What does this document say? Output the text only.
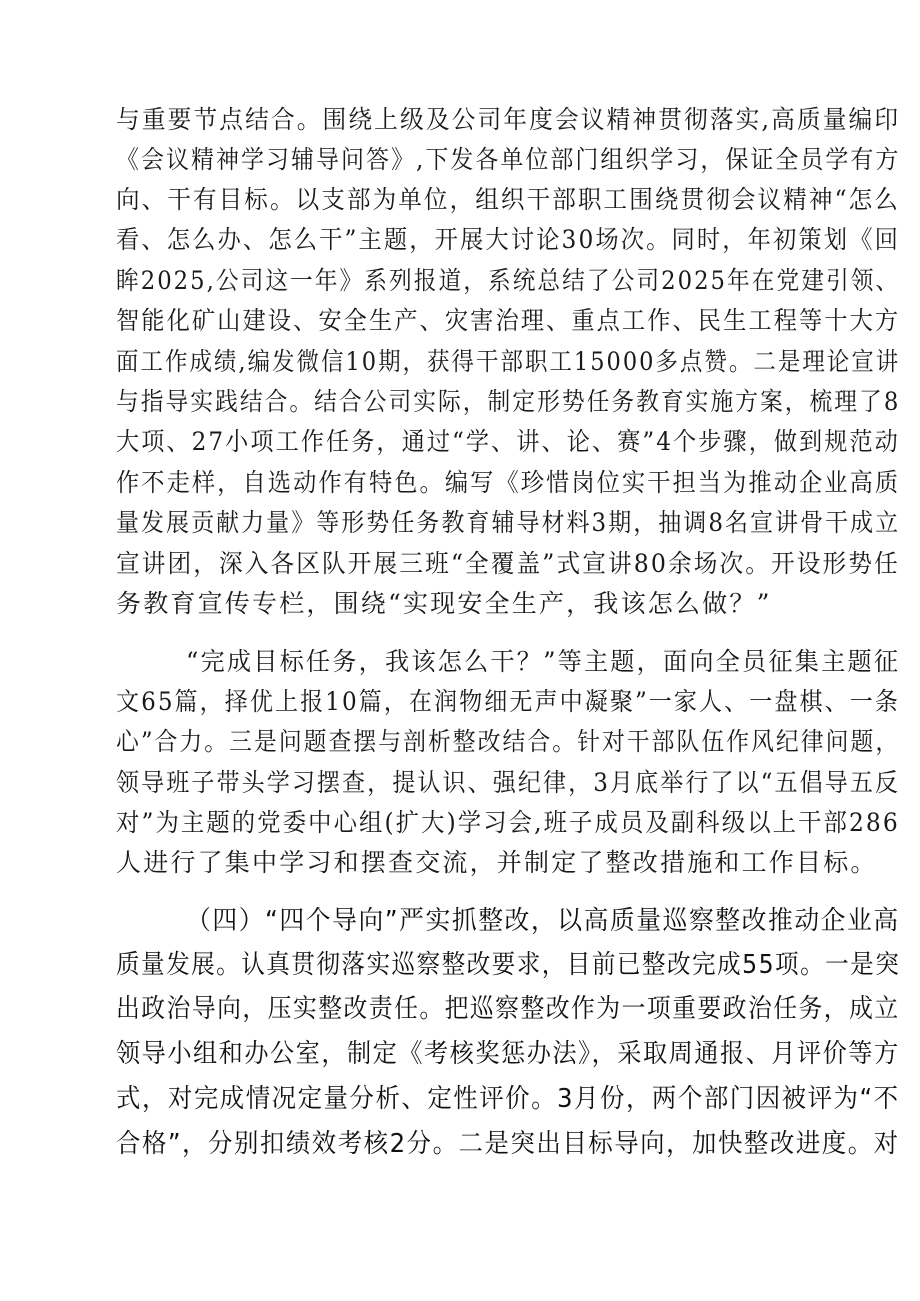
与重要节点结合。围绕上级及公司年度会议精神贯彻落实,高质量编印
《会议精神学习辅导问答》,下发各单位部门组织学习，保证全员学有方
向、干有目标。以支部为单位，组织干部职工围绕贯彻会议精神“怎么
看、怎么办、怎么干”主题，开展大讨论30场次。同时，年初策划《回
眸2025,公司这一年》系列报道，系统总结了公司2025年在党建引领、
智能化矿山建设、安全生产、灾害治理、重点工作、民生工程等十大方
面工作成绩,编发微信10期，获得干部职工15000多点赞。二是理论宣讲
与指导实践结合。结合公司实际，制定形势任务教育实施方案，梳理了8
大项、27小项工作任务，通过“学、讲、论、赛”4个步骤，做到规范动
作不走样，自选动作有特色。编写《珍惜岗位实干担当为推动企业高质
量发展贡献力量》等形势任务教育辅导材料3期，抽调8名宣讲骨干成立
宣讲团，深入各区队开展三班“全覆盖”式宣讲80余场次。开设形势任
务教育宣传专栏，围绕“实现安全生产，我该怎么做？”
“完成目标任务，我该怎么干？”等主题，面向全员征集主题征
文65篇，择优上报10篇，在润物细无声中凝聚”一家人、一盘棋、一条
心”合力。三是问题查摆与剖析整改结合。针对干部队伍作风纪律问题，
领导班子带头学习摆查，提认识、强纪律，3月底举行了以“五倡导五反
对”为主题的党委中心组(扩大)学习会,班子成员及副科级以上干部286
人进行了集中学习和摆查交流，并制定了整改措施和工作目标。
（四）“四个导向”严实抓整改，以高质量巡察整改推动企业高
质量发展。认真贯彻落实巡察整改要求，目前已整改完成55项。一是突
出政治导向，压实整改责任。把巡察整改作为一项重要政治任务，成立
领导小组和办公室，制定《考核奖惩办法》，采取周通报、月评价等方
式，对完成情况定量分析、定性评价。3月份，两个部门因被评为“不
合格”，分别扣绩效考核2分。二是突出目标导向，加快整改进度。对
